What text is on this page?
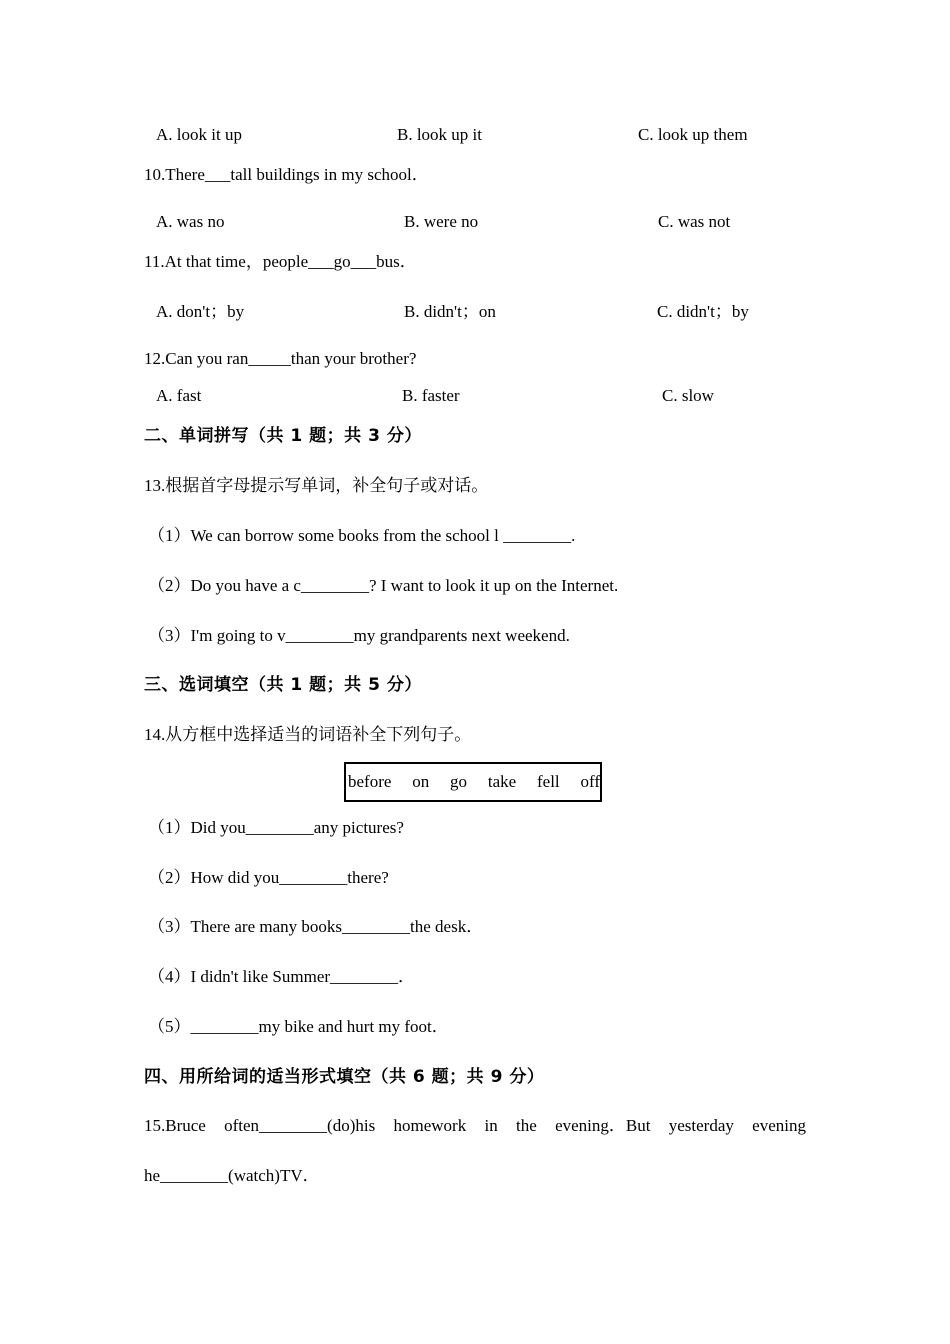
A. look it up	B. look up it	C. look up them
10.There___tall buildings in my school．
A. was no	B. were no	C. was not
11.At that time，people___go___bus．
A. don't；by	B. didn't；on	C. didn't；by
12.Can you ran_____than your brother?
A. fast	B. faster	C. slow
二、单词拼写（共 1 题；共 3 分）
13.根据首字母提示写单词，补全句子或对话。
（1）We can borrow some books from the school l ________.
（2）Do you have a c________? I want to look it up on the Internet.
（3）I'm going to v________my grandparents next weekend.
三、选词填空（共 1 题；共 5 分）
14.从方框中选择适当的词语补全下列句子。
before on go take fell off
（1）Did you________any pictures?
（2）How did you________there?
（3）There are many books________the desk．
（4）I didn't like Summer________．
（5）________my bike and hurt my foot．
四、用所给词的适当形式填空（共 6 题；共 9 分）
15.Bruce often________(do)his homework in the evening．But yesterday evening
he________(watch)TV．
